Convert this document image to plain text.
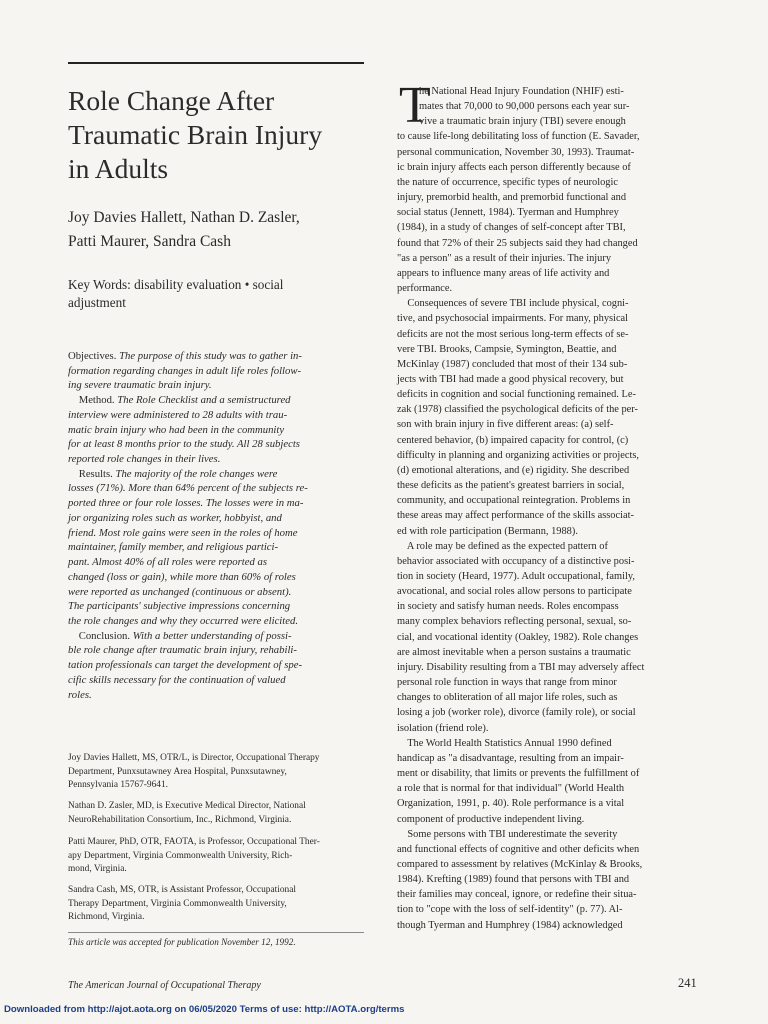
Role Change After
Traumatic Brain Injury
in Adults
Joy Davies Hallett, Nathan D. Zasler,
Patti Maurer, Sandra Cash
Key Words: disability evaluation • social
adjustment
Objectives. The purpose of this study was to gather in-
formation regarding changes in adult life roles follow-
ing severe traumatic brain injury.
Method. The Role Checklist and a semistructured
interview were administered to 28 adults with trau-
matic brain injury who had been in the community
for at least 8 months prior to the study. All 28 subjects
reported role changes in their lives.
Results. The majority of the role changes were
losses (71%). More than 64% percent of the subjects re-
ported three or four role losses. The losses were in ma-
jor organizing roles such as worker, hobbyist, and
friend. Most role gains were seen in the roles of home
maintainer, family member, and religious partici-
pant. Almost 40% of all roles were reported as
changed (loss or gain), while more than 60% of roles
were reported as unchanged (continuous or absent).
The participants' subjective impressions concerning
the role changes and why they occurred were elicited.
Conclusion. With a better understanding of possi-
ble role change after traumatic brain injury, rehabili-
tation professionals can target the development of spe-
cific skills necessary for the continuation of valued
roles.
Joy Davies Hallett, MS, OTR/L, is Director, Occupational Therapy
Department, Punxsutawney Area Hospital, Punxsutawney,
Pennsylvania 15767-9641.
Nathan D. Zasler, MD, is Executive Medical Director, National
NeuroRehabilitation Consortium, Inc., Richmond, Virginia.
Patti Maurer, PhD, OTR, FAOTA, is Professor, Occupational Ther-
apy Department, Virginia Commonwealth University, Rich-
mond, Virginia.
Sandra Cash, MS, OTR, is Assistant Professor, Occupational
Therapy Department, Virginia Commonwealth University,
Richmond, Virginia.
This article was accepted for publication November 12, 1992.
T
he National Head Injury Foundation (NHIF) esti-
mates that 70,000 to 90,000 persons each year sur-
vive a traumatic brain injury (TBI) severe enough
to cause life-long debilitating loss of function (E. Savader,
personal communication, November 30, 1993). Traumat-
ic brain injury affects each person differently because of
the nature of occurrence, specific types of neurologic
injury, premorbid health, and premorbid functional and
social status (Jennett, 1984). Tyerman and Humphrey
(1984), in a study of changes of self-concept after TBI,
found that 72% of their 25 subjects said they had changed
"as a person" as a result of their injuries. The injury
appears to influence many areas of life activity and
performance.
Consequences of severe TBI include physical, cogni-
tive, and psychosocial impairments. For many, physical
deficits are not the most serious long-term effects of se-
vere TBI. Brooks, Campsie, Symington, Beattie, and
McKinlay (1987) concluded that most of their 134 sub-
jects with TBI had made a good physical recovery, but
deficits in cognition and social functioning remained. Le-
zak (1978) classified the psychological deficits of the per-
son with brain injury in five different areas: (a) self-
centered behavior, (b) impaired capacity for control, (c)
difficulty in planning and organizing activities or projects,
(d) emotional alterations, and (e) rigidity. She described
these deficits as the patient's greatest barriers in social,
community, and occupational reintegration. Problems in
these areas may affect performance of the skills associat-
ed with role participation (Bermann, 1988).
A role may be defined as the expected pattern of
behavior associated with occupancy of a distinctive posi-
tion in society (Heard, 1977). Adult occupational, family,
avocational, and social roles allow persons to participate
in society and satisfy human needs. Roles encompass
many complex behaviors reflecting personal, sexual, so-
cial, and vocational identity (Oakley, 1982). Role changes
are almost inevitable when a person sustains a traumatic
injury. Disability resulting from a TBI may adversely affect
personal role function in ways that range from minor
changes to obliteration of all major life roles, such as
losing a job (worker role), divorce (family role), or social
isolation (friend role).
The World Health Statistics Annual 1990 defined
handicap as "a disadvantage, resulting from an impair-
ment or disability, that limits or prevents the fulfillment of
a role that is normal for that individual" (World Health
Organization, 1991, p. 40). Role performance is a vital
component of productive independent living.
Some persons with TBI underestimate the severity
and functional effects of cognitive and other deficits when
compared to assessment by relatives (McKinlay & Brooks,
1984). Krefting (1989) found that persons with TBI and
their families may conceal, ignore, or redefine their situa-
tion to "cope with the loss of self-identity" (p. 77). Al-
though Tyerman and Humphrey (1984) acknowledged
The American Journal of Occupational Therapy	241
Downloaded from http://ajot.aota.org on 06/05/2020 Terms of use: http://AOTA.org/terms
